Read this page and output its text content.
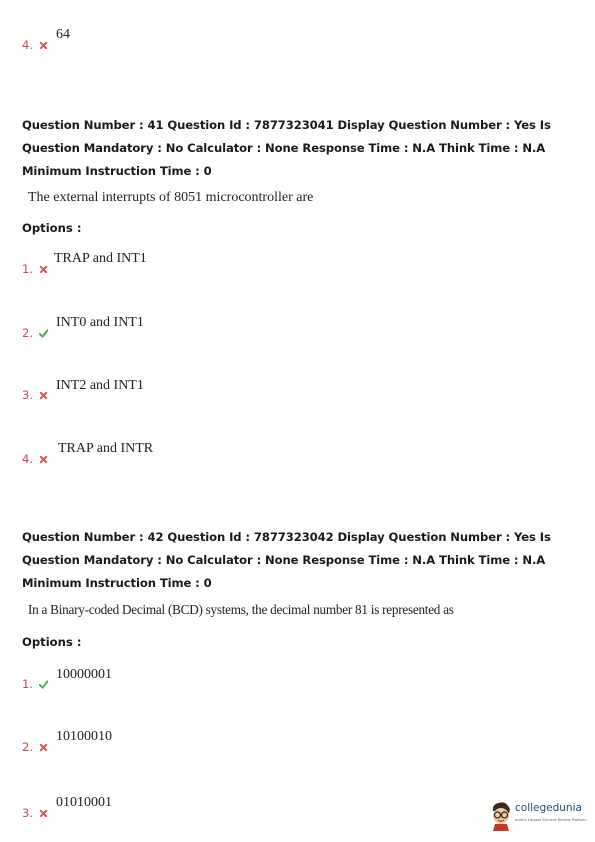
4.
64
Question Number : 41 Question Id : 7877323041 Display Question Number : Yes Is Question Mandatory : No Calculator : None Response Time : N.A Think Time : N.A Minimum Instruction Time : 0
The external interrupts of 8051 microcontroller are
Options :
1.
TRAP and INT1
2.
INT0 and INT1
3.
INT2 and INT1
4.
TRAP and INTR
Question Number : 42 Question Id : 7877323042 Display Question Number : Yes Is Question Mandatory : No Calculator : None Response Time : N.A Think Time : N.A Minimum Instruction Time : 0
In a Binary-coded Decimal (BCD) systems, the decimal number 81 is represented as
Options :
1.
10000001
2.
10100010
3.
01010001	collegedunia
India's Largest Student Review Platform
